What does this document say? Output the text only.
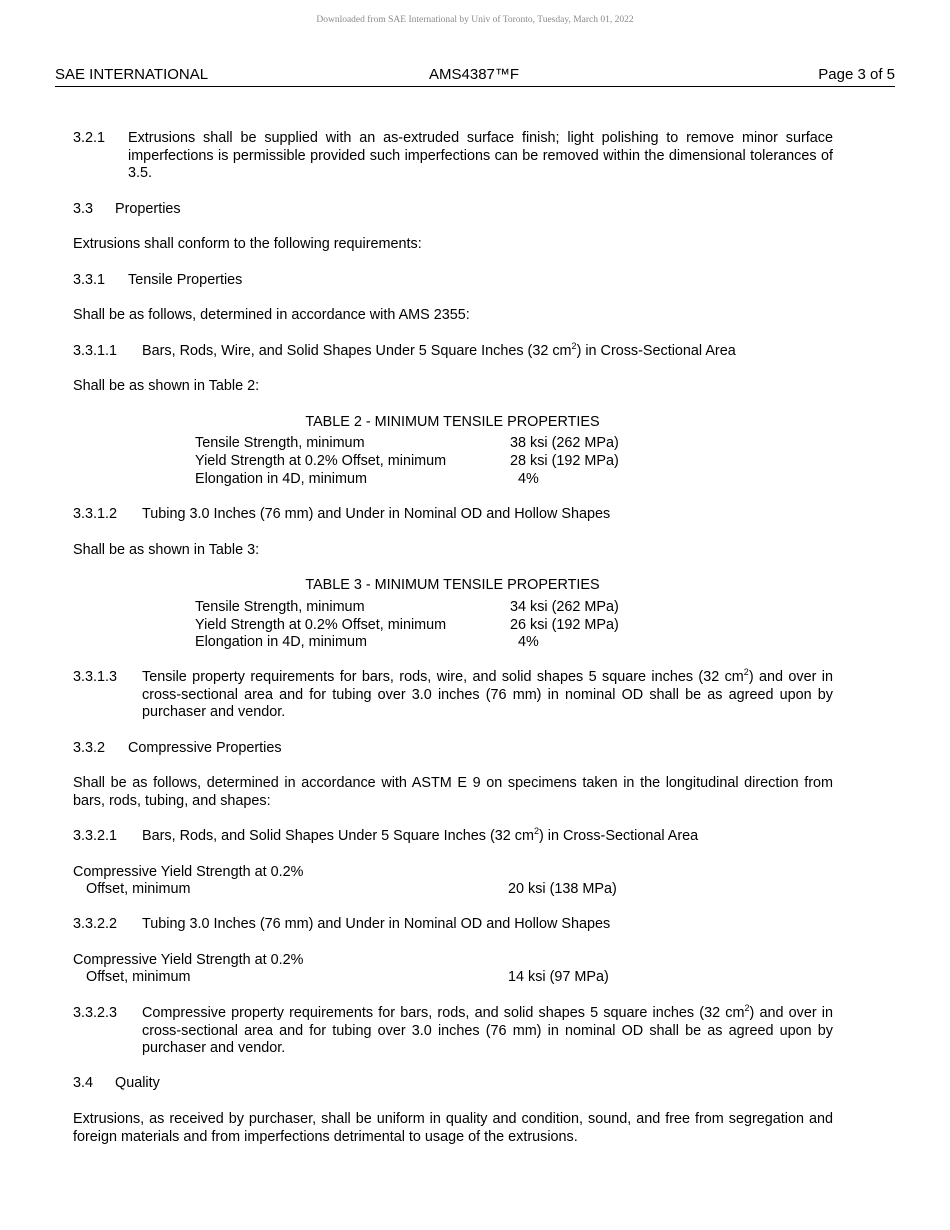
Downloaded from SAE International by Univ of Toronto, Tuesday, March 01, 2022
SAE INTERNATIONAL	AMS4387™F	Page 3 of 5
3.2.1 Extrusions shall be supplied with an as-extruded surface finish; light polishing to remove minor surface imperfections is permissible provided such imperfections can be removed within the dimensional tolerances of 3.5.
3.3 Properties
Extrusions shall conform to the following requirements:
3.3.1 Tensile Properties
Shall be as follows, determined in accordance with AMS 2355:
3.3.1.1 Bars, Rods, Wire, and Solid Shapes Under 5 Square Inches (32 $cm^2$) in Cross-Sectional Area
Shall be as shown in Table 2:
TABLE 2 - MINIMUM TENSILE PROPERTIES
Tensile Strength, minimum	38 ksi (262 MPa)
Yield Strength at 0.2% Offset, minimum	28 ksi (192 MPa)
Elongation in 4D, minimum	4%
3.3.1.2 Tubing 3.0 Inches (76 mm) and Under in Nominal OD and Hollow Shapes
Shall be as shown in Table 3:
TABLE 3 - MINIMUM TENSILE PROPERTIES
Tensile Strength, minimum	34 ksi (262 MPa)
Yield Strength at 0.2% Offset, minimum	26 ksi (192 MPa)
Elongation in 4D, minimum	4%
3.3.1.3 Tensile property requirements for bars, rods, wire, and solid shapes 5 square inches (32 $cm^2$) and over in cross-sectional area and for tubing over 3.0 inches (76 mm) in nominal OD shall be as agreed upon by purchaser and vendor.
3.3.2 Compressive Properties
Shall be as follows, determined in accordance with ASTM E 9 on specimens taken in the longitudinal direction from bars, rods, tubing, and shapes:
3.3.2.1 Bars, Rods, and Solid Shapes Under 5 Square Inches (32 $cm^2$) in Cross-Sectional Area
Compressive Yield Strength at 0.2%
Offset, minimum	20 ksi (138 MPa)
3.3.2.2 Tubing 3.0 Inches (76 mm) and Under in Nominal OD and Hollow Shapes
Compressive Yield Strength at 0.2%
Offset, minimum	14 ksi (97 MPa)
3.3.2.3 Compressive property requirements for bars, rods, and solid shapes 5 square inches (32 $cm^2$) and over in cross-sectional area and for tubing over 3.0 inches (76 mm) in nominal OD shall be as agreed upon by purchaser and vendor.
3.4 Quality
Extrusions, as received by purchaser, shall be uniform in quality and condition, sound, and free from segregation and foreign materials and from imperfections detrimental to usage of the extrusions.
